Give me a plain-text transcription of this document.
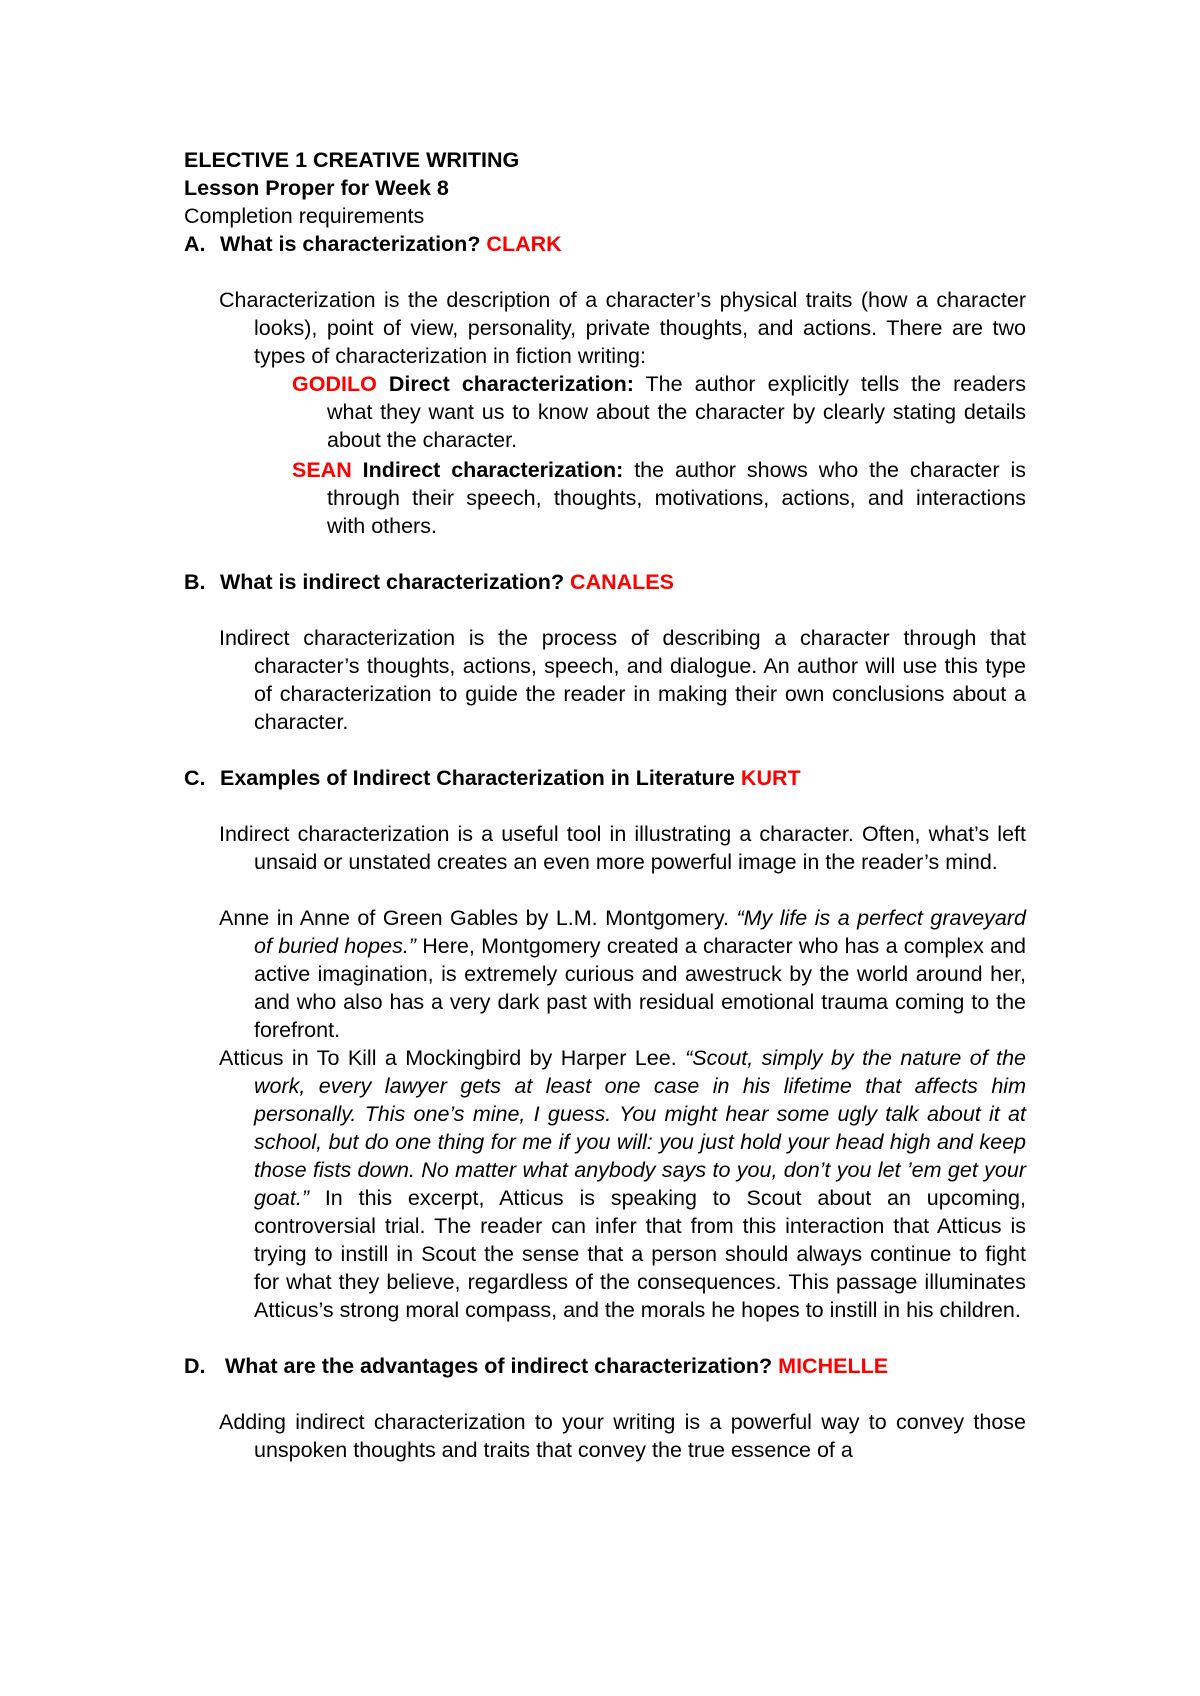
ELECTIVE 1 CREATIVE WRITING
Lesson Proper for Week 8
Completion requirements
A. What is characterization? CLARK
Characterization is the description of a character’s physical traits (how a character looks), point of view, personality, private thoughts, and actions. There are two types of characterization in fiction writing:
GODILO Direct characterization: The author explicitly tells the readers what they want us to know about the character by clearly stating details about the character.
SEAN Indirect characterization: the author shows who the character is through their speech, thoughts, motivations, actions, and interactions with others.
B. What is indirect characterization? CANALES
Indirect characterization is the process of describing a character through that character’s thoughts, actions, speech, and dialogue. An author will use this type of characterization to guide the reader in making their own conclusions about a character.
C. Examples of Indirect Characterization in Literature KURT
Indirect characterization is a useful tool in illustrating a character. Often, what’s left unsaid or unstated creates an even more powerful image in the reader’s mind.
Anne in Anne of Green Gables by L.M. Montgomery. “My life is a perfect graveyard of buried hopes.” Here, Montgomery created a character who has a complex and active imagination, is extremely curious and awestruck by the world around her, and who also has a very dark past with residual emotional trauma coming to the forefront.
Atticus in To Kill a Mockingbird by Harper Lee. “Scout, simply by the nature of the work, every lawyer gets at least one case in his lifetime that affects him personally. This one’s mine, I guess. You might hear some ugly talk about it at school, but do one thing for me if you will: you just hold your head high and keep those fists down. No matter what anybody says to you, don’t you let ’em get your goat.” In this excerpt, Atticus is speaking to Scout about an upcoming, controversial trial. The reader can infer that from this interaction that Atticus is trying to instill in Scout the sense that a person should always continue to fight for what they believe, regardless of the consequences. This passage illuminates Atticus’s strong moral compass, and the morals he hopes to instill in his children.
D. What are the advantages of indirect characterization? MICHELLE
Adding indirect characterization to your writing is a powerful way to convey those unspoken thoughts and traits that convey the true essence of a
